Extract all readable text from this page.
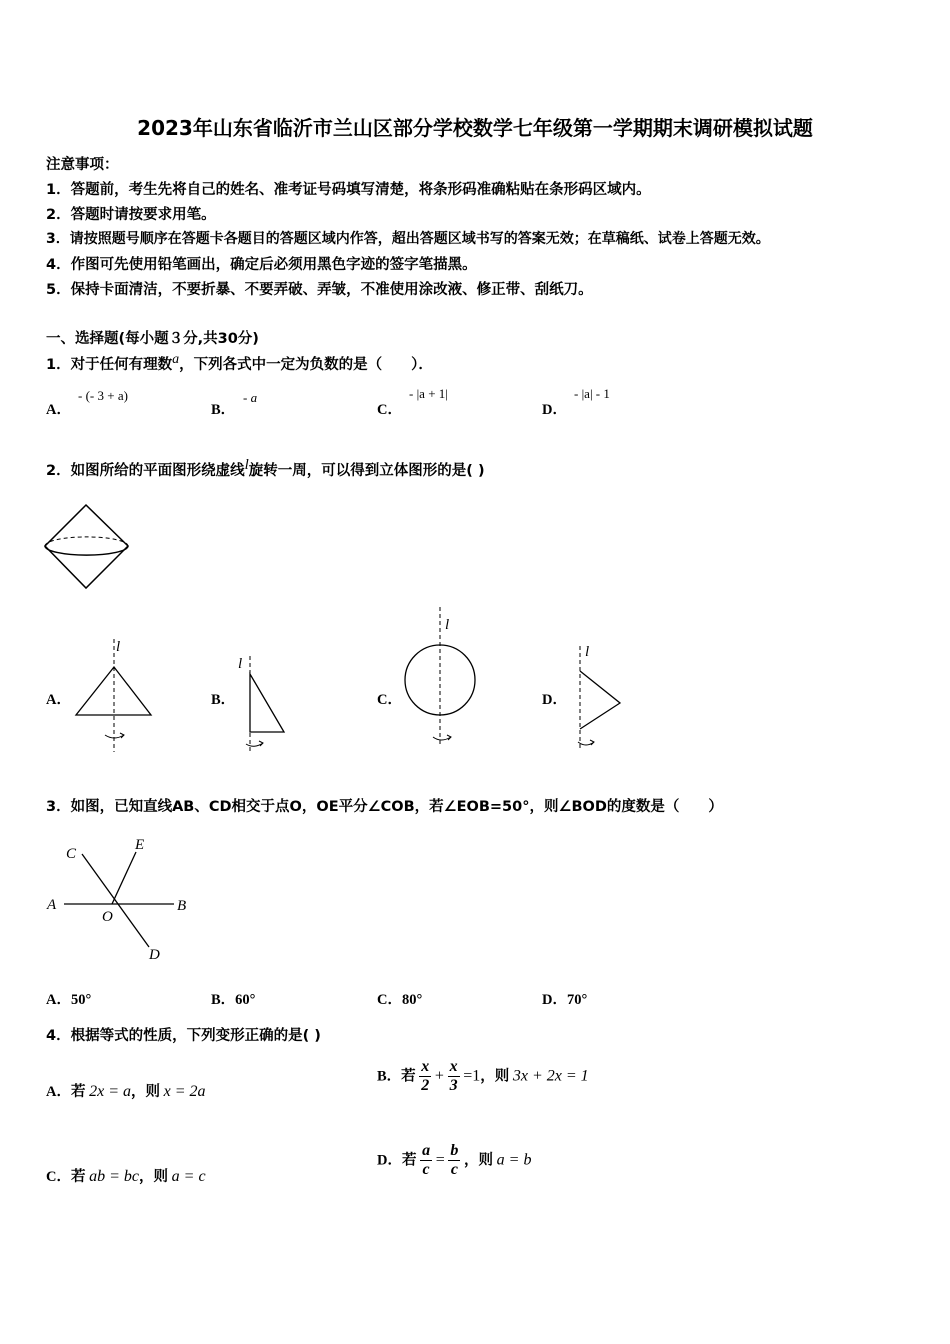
2023年山东省临沂市兰山区部分学校数学七年级第一学期期末调研模拟试题
注意事项：
1．答题前，考生先将自己的姓名、准考证号码填写清楚，将条形码准确粘贴在条形码区域内。
2．答题时请按要求用笔。
3．请按照题号顺序在答题卡各题目的答题区域内作答，超出答题区域书写的答案无效；在草稿纸、试卷上答题无效。
4．作图可先使用铅笔画出，确定后必须用黑色字迹的签字笔描黑。
5．保持卡面清洁，不要折暴、不要弄破、弄皱，不准使用涂改液、修正带、刮纸刀。
一、选择题(每小题３分,共30分)
1．对于任何有理数$^a$，下列各式中一定为负数的是（　　）．
A．
- (- 3 + a)
B．
- a
C．
- |a + 1|
D．
- |a| - 1
2．如图所给的平面图形绕虚线$^l$旋转一周，可以得到立体图形的是( )
A．
l
B．
l
C．
l
D．
l
3．如图，已知直线AB、CD相交于点O，OE平分∠COB，若∠EOB=50°，则∠BOD的度数是（　　）
A	B
C
D
E
O
A．50°	B．60°	C．80°	D．70°
4．根据等式的性质，下列变形正确的是( )
A．若 2x = a，则 x = 2a
B．若 $\frac{x}{2} + \frac{x}{3} =1$，则 3x + 2x = 1
C．若 ab = bc，则 a = c
D．若 $\frac{a}{c} = \frac{b}{c}$ ，则 a = b
